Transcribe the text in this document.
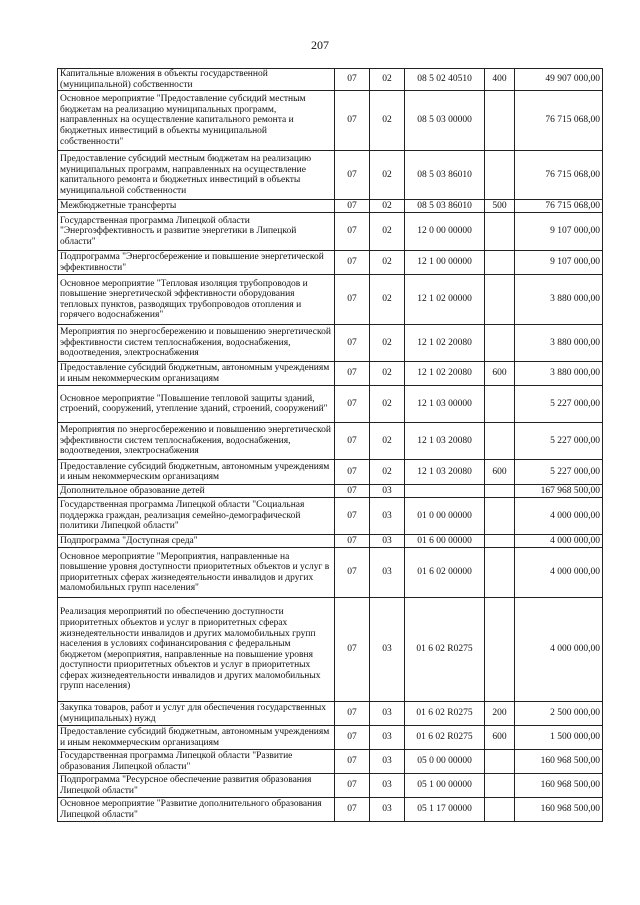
207
Капитальные вложения в объекты государственной (муниципальной) собственности	07	02	08 5 02 40510	400	49 907 000,00
Основное мероприятие "Предоставление субсидий местным бюджетам на реализацию муниципальных программ, направленных на осуществление капитального ремонта и бюджетных инвестиций в объекты муниципальной собственности"	07	02	08 5 03 00000		76 715 068,00
Предоставление субсидий местным бюджетам на реализацию муниципальных программ, направленных на осуществление капитального ремонта и бюджетных инвестиций в объекты муниципальной собственности	07	02	08 5 03 86010		76 715 068,00
Межбюджетные трансферты	07	02	08 5 03 86010	500	76 715 068,00
Государственная программа Липецкой области "Энергоэффективность и развитие энергетики в Липецкой области"	07	02	12 0 00 00000		9 107 000,00
Подпрограмма "Энергосбережение и повышение энергетической эффективности"	07	02	12 1 00 00000		9 107 000,00
Основное мероприятие "Тепловая изоляция трубопроводов и повышение энергетической эффективности оборудования тепловых пунктов, разводящих трубопроводов отопления и горячего водоснабжения"	07	02	12 1 02 00000		3 880 000,00
Мероприятия по энергосбережению и повышению энергетической эффективности систем теплоснабжения, водоснабжения, водоотведения, электроснабжения	07	02	12 1 02 20080		3 880 000,00
Предоставление субсидий бюджетным, автономным учреждениям и иным некоммерческим организациям	07	02	12 1 02 20080	600	3 880 000,00
Основное мероприятие "Повышение тепловой защиты зданий, строений, сооружений, утепление зданий, строений, сооружений"	07	02	12 1 03 00000		5 227 000,00
Мероприятия по энергосбережению и повышению энергетической эффективности систем теплоснабжения, водоснабжения, водоотведения, электроснабжения	07	02	12 1 03 20080		5 227 000,00
Предоставление субсидий бюджетным, автономным учреждениям и иным некоммерческим организациям	07	02	12 1 03 20080	600	5 227 000,00
Дополнительное образование детей	07	03			167 968 500,00
Государственная программа Липецкой области "Социальная поддержка граждан, реализация семейно-демографической политики Липецкой области"	07	03	01 0 00 00000		4 000 000,00
Подпрограмма "Доступная среда"	07	03	01 6 00 00000		4 000 000,00
Основное мероприятие "Мероприятия, направленные на повышение уровня доступности приоритетных объектов и услуг в приоритетных сферах жизнедеятельности инвалидов и других маломобильных групп населения"	07	03	01 6 02 00000		4 000 000,00
Реализация мероприятий по обеспечению доступности приоритетных объектов и услуг в приоритетных сферах жизнедеятельности инвалидов и других маломобильных групп населения в условиях софинансирования с федеральным бюджетом (мероприятия, направленные на повышение уровня доступности приоритетных объектов и услуг в приоритетных сферах жизнедеятельности инвалидов и других маломобильных групп населения)	07	03	01 6 02 R0275		4 000 000,00
Закупка товаров, работ и услуг для обеспечения государственных (муниципальных) нужд	07	03	01 6 02 R0275	200	2 500 000,00
Предоставление субсидий бюджетным, автономным учреждениям и иным некоммерческим организациям	07	03	01 6 02 R0275	600	1 500 000,00
Государственная программа Липецкой области "Развитие образования Липецкой области"	07	03	05 0 00 00000		160 968 500,00
Подпрограмма "Ресурсное обеспечение развития образования Липецкой области"	07	03	05 1 00 00000		160 968 500,00
Основное мероприятие "Развитие дополнительного образования Липецкой области"	07	03	05 1 17 00000		160 968 500,00
